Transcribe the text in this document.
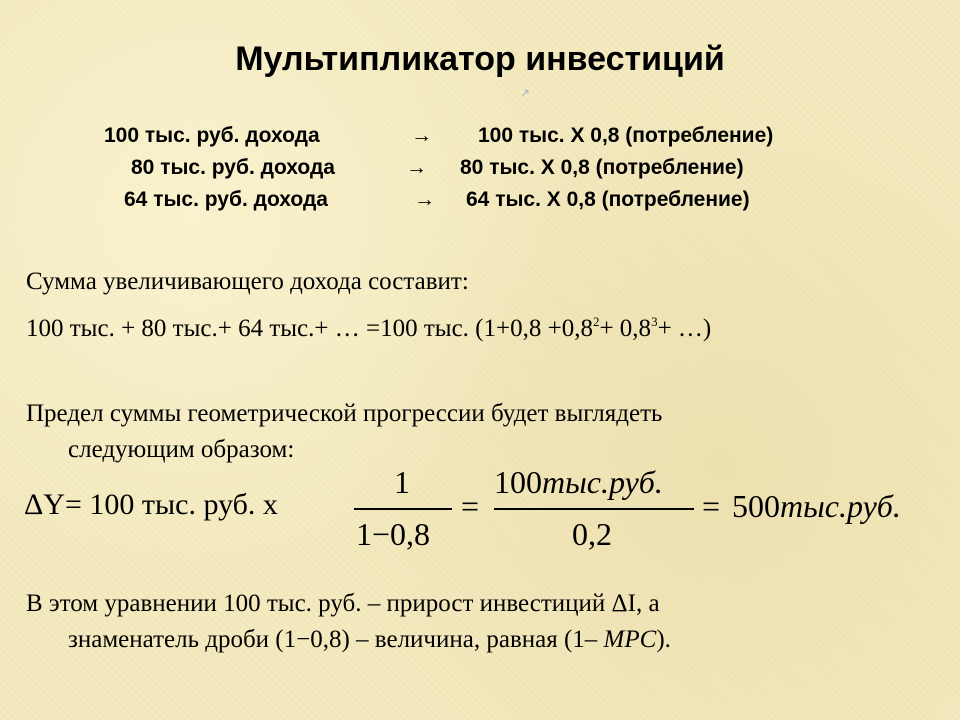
Мультипликатор инвестиций
↗
100 тыс. руб. дохода	→ 100 тыс. Х 0,8 (потребление)
80 тыс. руб. дохода	→ 80 тыс. Х 0,8 (потребление)
64 тыс. руб. дохода	→ 64 тыс. Х 0,8 (потребление)
Сумма увеличивающего дохода составит:
100 тыс. + 80 тыс.+ 64 тыс.+ … =100 тыс. ($1+0,8 +0,8^2+ 0,8^3+$ …)
Предел суммы геометрической прогрессии будет выглядеть
следующим образом:
ΔY= 100 тыс. руб. х
1
1−0,8
=
100тыс.руб.
0,2
= 500тыс.руб.
В этом уравнении 100 тыс. руб. – прирост инвестиций ΔI, а
знаменатель дроби (1−0,8) – величина, равная (1– MPC).
